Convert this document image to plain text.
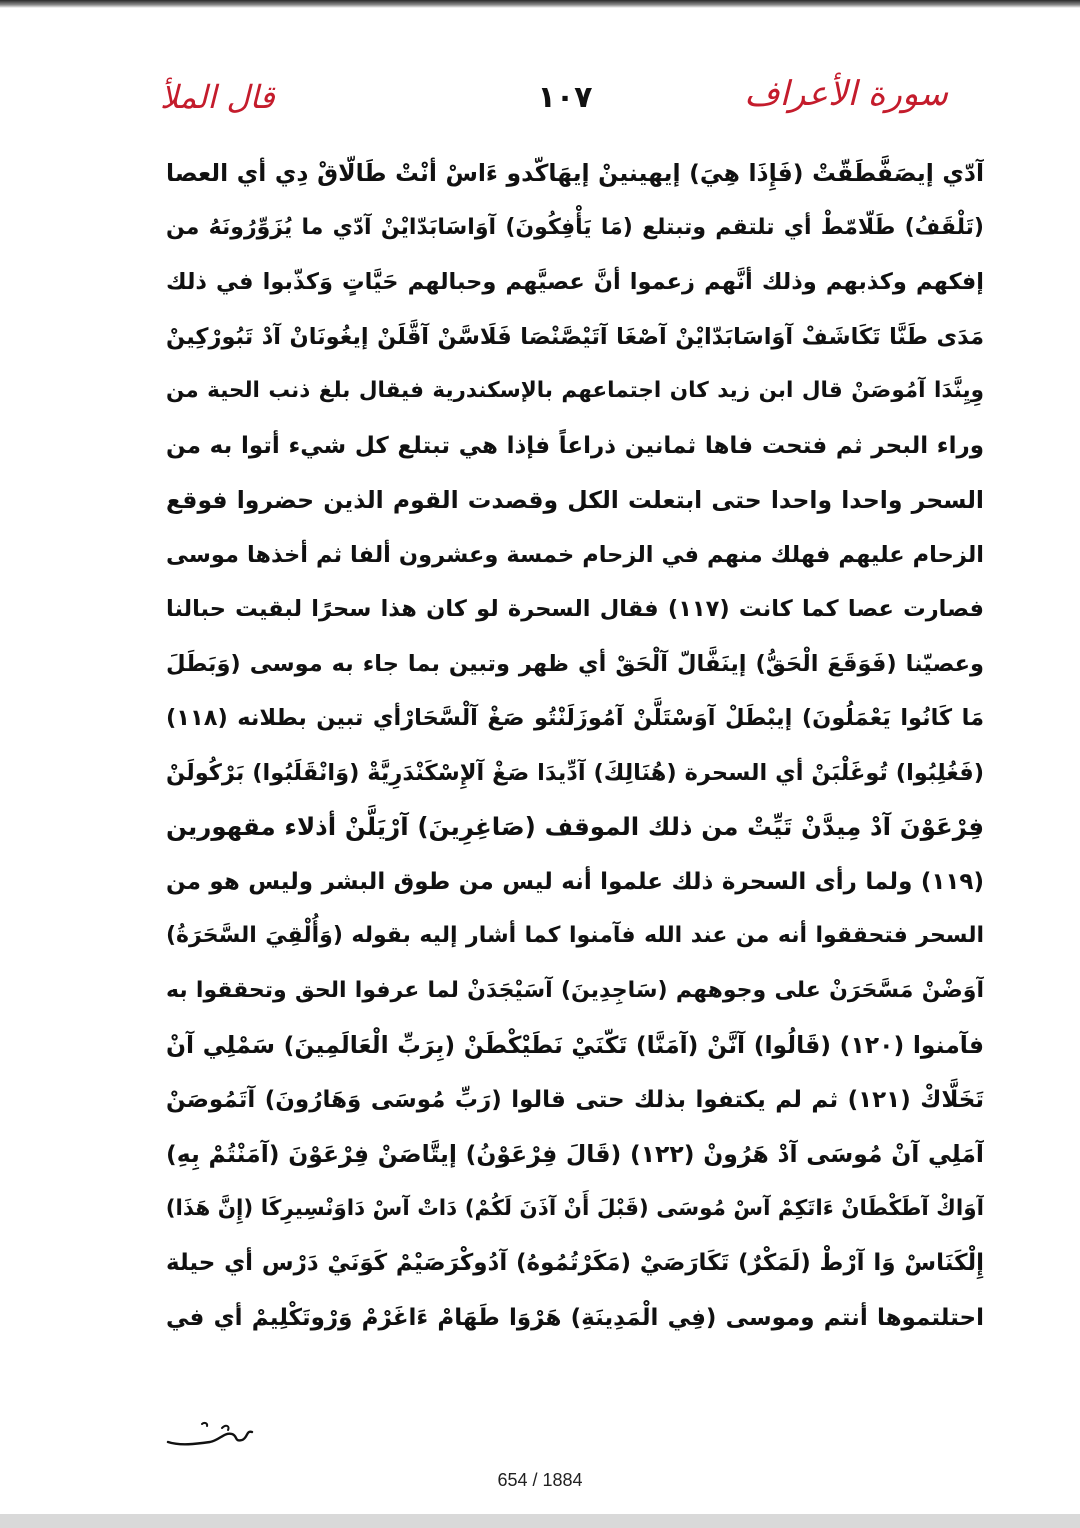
سورة الأعراف
١٠٧
قال الملأ
آدّي إيصَفَّطَقّتْ (فَإِذَا هِيَ) إيهينينْ إيهَاكّدو ءَاسْ أنْتْ طَالّاقْ دِي أي العصا
(تَلْقَفُ) طَلّامّطْ أي تلتقم وتبتلع (مَا يَأْفِكُونَ) آوَاسَابَدّايْنْ آدّي ما يُزَوِّرُونَهُ من
إفكهم وكذبهم وذلك أنَّهم زعموا أنَّ عصيَّهم وحبالهم حَيَّاتٍ وَكذّبوا في ذلك
مَدَى طَنَّا تَكَاشَفْ آوَاسَابَدّايْنْ آصْغَا آتَيْصَّنْصَا فَلَاسَّنْ آقَّلَنْ إيغُونَانْ آدْ تَبُورْكِينْ
وِيِنَّدَا آمُوصَنْ قال ابن زيد كان اجتماعهم بالإسكندرية فيقال بلغ ذنب الحية من
وراء البحر ثم فتحت فاها ثمانين ذراعاً فإذا هي تبتلع كل شيء أتوا به من
السحر واحدا واحدا حتى ابتعلت الكل وقصدت القوم الذين حضروا فوقع
الزحام عليهم فهلك منهم في الزحام خمسة وعشرون ألفا ثم أخذها موسى
فصارت عصا كما كانت (١١٧) فقال السحرة لو كان هذا سحرًا لبقيت حبالنا
وعصيّنا (فَوَقَعَ الْحَقُّ) إينَفَّالّ آلْحَقْ أي ظهر وتبين بما جاء به موسى (وَبَطَلَ
مَا كَانُوا يَعْمَلُونَ) إيبْطَلْ آوَسْتَلَّنْ آمُوزَلَنْتُو صَغْ آلْسَّحَارْأي تبين بطلانه (١١٨)
(فَغُلِبُوا) تُوغَلْبَنْ أي السحرة (هُنَالِكَ) آدِّيدَا صَغْ آلإِسْكَنْدَرِيَّةْ (وَانْقَلَبُوا) بَرْكُولَنْ
فِرْعَوْنَ آدْ مِيدَّنْ تَيِّتْ من ذلك الموقف (صَاغِرِينَ) آرْيَلَّنْ أذلاء مقهورين
(١١٩) ولما رأى السحرة ذلك علموا أنه ليس من طوق البشر وليس هو من
السحر فتحققوا أنه من عند الله فآمنوا كما أشار إليه بقوله (وَأُلْقِيَ السَّحَرَةُ)
آوَضْنْ مَسَّحَرَنْ على وجوههم (سَاجِدِينَ) آسَيْجَدَنْ لما عرفوا الحق وتحققوا به
فآمنوا (١٢٠) (قَالُوا) آنَّنْ (آمَنَّا) تَكّنَيْ نَطَيْكْطَنْ (بِرَبِّ الْعَالَمِينَ) سَمْلِي آنْ
تَخَلَّاكْ (١٢١) ثم لم يكتفوا بذلك حتى قالوا (رَبِّ مُوسَى وَهَارُونَ) آتَمُوصَنْ
آمَلِي آنْ مُوسَى آدْ هَرُونْ (١٢٢) (قَالَ فِرْعَوْنُ) إيتَّاصَنْ فِرْعَوْنَ (آمَنْتُمْ بِهِ)
آوَاكْ آطَكْطَانْ ءَاتَكِمْ آسْ مُوسَى (قَبْلَ أَنْ آذَنَ لَكُمْ) دَاتْ آسْ دَاوَنْسِيرِكَا (إِنَّ هَذَا)
إِلْكَنَاسْ وَا آرْطْ (لَمَكْرٌ) تَكَارَصَيْ (مَكَرْتُمُوهُ) آدُوكْرَصَيْمْ كَوَنَيْ دَرْس أي حيلة
احتلتموها أنتم وموسى (فِي الْمَدِينَةِ) هَرْوَا طَهَامْ ءَاغَرْمْ وَرْوتَكْلِيمْ أي في
654 / 1884
